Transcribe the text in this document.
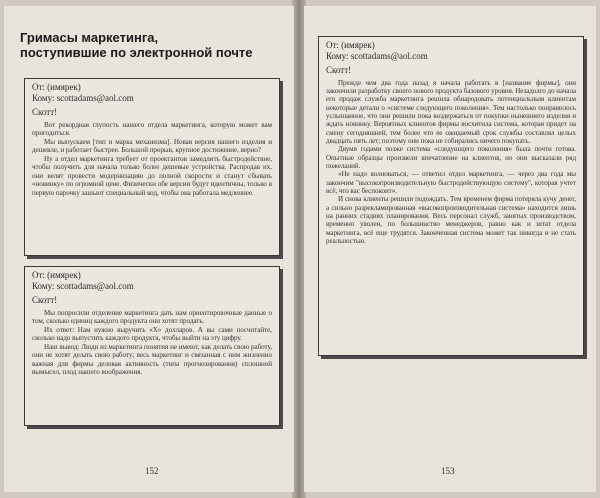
Гримасы маркетинга,
поступившие по электронной почте
От: (имярек)
Кому: scottadams@aol.com
Скотт!

Вот рекордная глупость нашего отдела маркетинга, которую может вам пригодиться.

Мы выпускаем [тип и марка механизма]. Новая версия нашего изделия и дешевле, и работает быстрее. Большой прорыв, крупное достижение, верно?

Ну а отдел маркетинга требует от проектантов замедлить быстродействие, чтобы получить для начала только более дешевые устройства. Распродав их, они велят провести модернизацию до полной скорости и станут сбывать «новинку» по огромной цене. Физически обе версии будут идентичны, только в первую парочку зашьют специальный код, чтобы она работала медленнее.

От: (имярек)
Кому: scottadams@aol.com
Скотт!

Мы попросили отделение маркетинга дать нам ориентировочные данные о том, сколько единиц каждого продукта они хотят продать.

Их ответ: Нам нужно выручить «X» долларов. А вы сами посчитайте, сколько надо выпустить каждого продукта, чтобы выйти на эту цифру.

Наш вывод: Люди из маркетинга понятия не имеют, как делать свою работу, они не хотят делать свою работу; весь маркетинг и связанная с ним жизненно важная для фирмы деловая активность (типа прогнозирования) сплошной вымысел, плод нашего воображения.

152
От: (имярек)
Кому: scottadams@aol.com
Скотт!

Прежде чем два года назад я начала работать в [название фирмы], они закончили разработку своего нового продукта базового уровня. Незадолго до начала его продаж служба маркетинга решила обнародовать потенциальным клиентам некоторые детали о «системе следующего поколения». Тем настолько понравилось услышанное, что они решили пока воздержаться от покупки нынешнего изделия и ждать новинку. Вероятных клиентов фирмы восхитила система, которая придет на смену сегодняшней, тем более что ее ожидаемый срок службы составлял целых двадцать пять лет; поэтому они пока не собирались ничего покупать.

Двумя годами позже система «следующего поколения» была почти готова. Опытные образцы произвели впечатление на клиентов, но они высказали ряд пожеланий.

«Не надо волноваться, — ответил отдел маркетинга, — через два года мы закончим "высокопроизводительную быстродействующую систему", которая учтет всё, что вас беспокоит».

И снова клиенты решили подождать. Тем временем фирма потеряла кучу денег, а сильно разрекламированная «высокопроизводительная система» находится лишь на ранних стадиях планирования. Весь персонал служб, занятых производством, временно уволен, по большинство менеджеров, равно как и штат отдела маркетинга, всё еще трудятся. Законченная система может так никогда и не стать реальностью.

153
